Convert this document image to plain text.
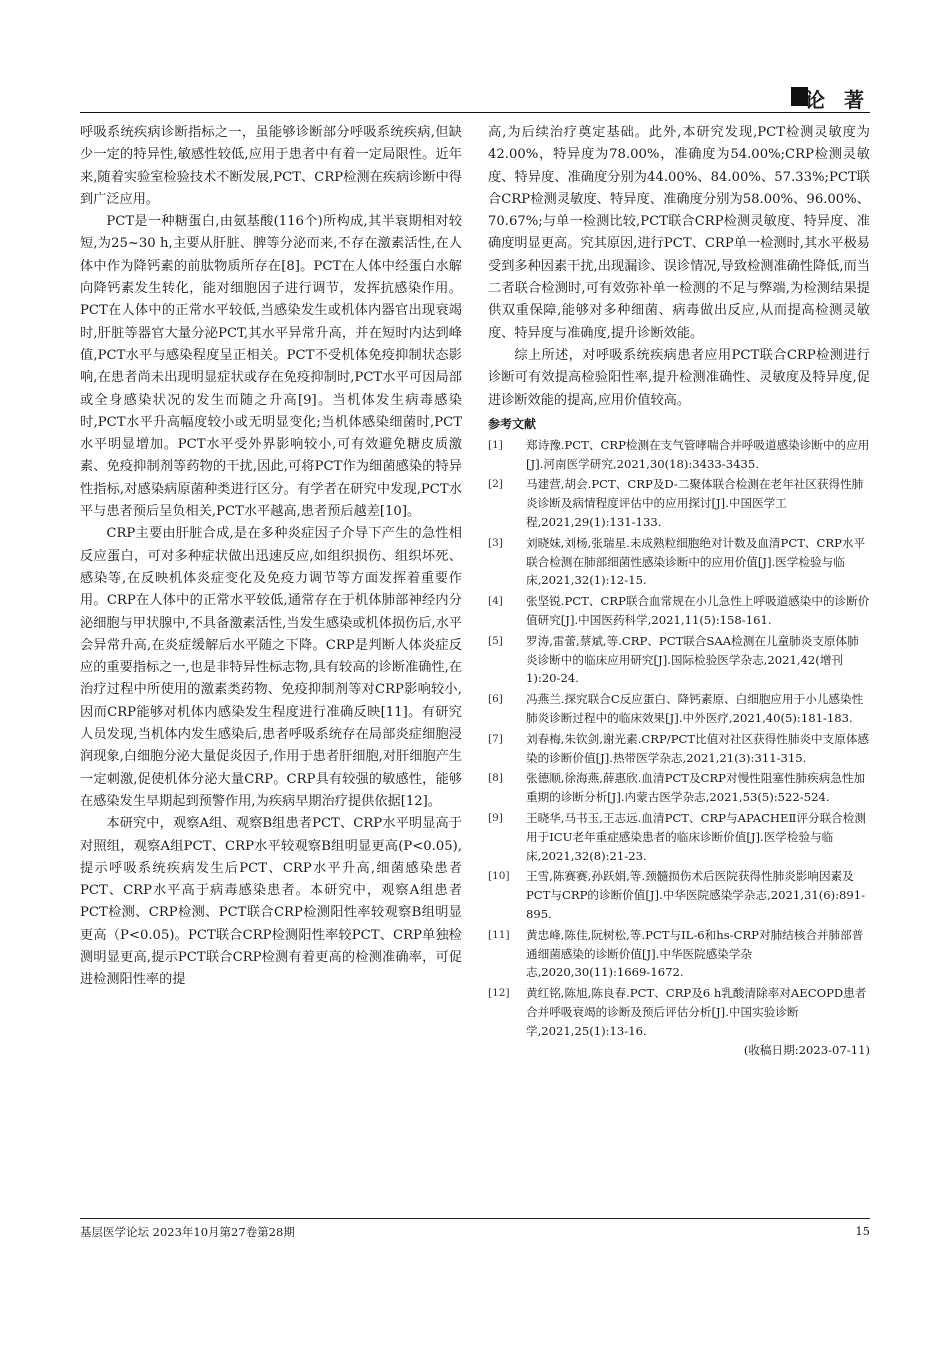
论 著

呼吸系统疾病诊断指标之一，虽能够诊断部分呼吸系统疾病,但缺少一定的特异性,敏感性较低,应用于患者中有着一定局限性。近年来,随着实验室检验技术不断发展,PCT、CRP检测在疾病诊断中得到广泛应用。

PCT是一种糖蛋白,由氨基酸(116个)所构成,其半衰期相对较短,为25~30 h,主要从肝脏、脾等分泌而来,不存在激素活性,在人体中作为降钙素的前肽物质所存在[8]。PCT在人体中经蛋白水解向降钙素发生转化，能对细胞因子进行调节，发挥抗感染作用。PCT在人体中的正常水平较低,当感染发生或机体内器官出现衰竭时,肝脏等器官大量分泌PCT,其水平异常升高，并在短时内达到峰值,PCT水平与感染程度呈正相关。PCT不受机体免疫抑制状态影响,在患者尚未出现明显症状或存在免疫抑制时,PCT水平可因局部或全身感染状况的发生而随之升高[9]。当机体发生病毒感染时,PCT水平升高幅度较小或无明显变化;当机体感染细菌时,PCT水平明显增加。PCT水平受外界影响较小,可有效避免糖皮质激素、免疫抑制剂等药物的干扰,因此,可将PCT作为细菌感染的特异性指标,对感染病原菌种类进行区分。有学者在研究中发现,PCT水平与患者预后呈负相关,PCT水平越高,患者预后越差[10]。

CRP主要由肝脏合成,是在多种炎症因子介导下产生的急性相反应蛋白，可对多种症状做出迅速反应,如组织损伤、组织坏死、感染等,在反映机体炎症变化及免疫力调节等方面发挥着重要作用。CRP在人体中的正常水平较低,通常存在于机体肺部神经内分泌细胞与甲状腺中,不具备激素活性,当发生感染或机体损伤后,水平会异常升高,在炎症缓解后水平随之下降。CRP是判断人体炎症反应的重要指标之一,也是非特异性标志物,具有较高的诊断准确性,在治疗过程中所使用的激素类药物、免疫抑制剂等对CRP影响较小,因而CRP能够对机体内感染发生程度进行准确反映[11]。有研究人员发现,当机体内发生感染后,患者呼吸系统存在局部炎症细胞浸润现象,白细胞分泌大量促炎因子,作用于患者肝细胞,对肝细胞产生一定刺激,促使机体分泌大量CRP。CRP具有较强的敏感性，能够在感染发生早期起到预警作用,为疾病早期治疗提供依据[12]。

本研究中，观察A组、观察B组患者PCT、CRP水平明显高于对照组，观察A组PCT、CRP水平较观察B组明显更高(P<0.05),提示呼吸系统疾病发生后PCT、CRP水平升高,细菌感染患者PCT、CRP水平高于病毒感染患者。本研究中，观察A组患者PCT检测、CRP检测、PCT联合CRP检测阳性率较观察B组明显更高（P<0.05)。PCT联合CRP检测阳性率较PCT、CRP单独检测明显更高,提示PCT联合CRP检测有着更高的检测准确率，可促进检测阳性率的提

高,为后续治疗奠定基础。此外,本研究发现,PCT检测灵敏度为42.00%，特异度为78.00%，准确度为54.00%;CRP检测灵敏度、特异度、准确度分别为44.00%、84.00%、57.33%;PCT联合CRP检测灵敏度、特异度、准确度分别为58.00%、96.00%、70.67%;与单一检测比较,PCT联合CRP检测灵敏度、特异度、准确度明显更高。究其原因,进行PCT、CRP单一检测时,其水平极易受到多种因素干扰,出现漏诊、误诊情况,导致检测准确性降低,而当二者联合检测时,可有效弥补单一检测的不足与弊端,为检测结果提供双重保障,能够对多种细菌、病毒做出反应,从而提高检测灵敏度、特异度与准确度,提升诊断效能。

综上所述，对呼吸系统疾病患者应用PCT联合CRP检测进行诊断可有效提高检验阳性率,提升检测准确性、灵敏度及特异度,促进诊断效能的提高,应用价值较高。

参考文献

[1] 郑诗豫.PCT、CRP检测在支气管哮喘合并呼吸道感染诊断中的应用[J].河南医学研究,2021,30(18):3433-3435.
[2] 马建营,胡会.PCT、CRP及D-二聚体联合检测在老年社区获得性肺炎诊断及病情程度评估中的应用探讨[J].中国医学工程,2021,29(1):131-133.
[3] 刘晓妹,刘杨,张瑞星.未成熟粒细胞绝对计数及血清PCT、CRP水平联合检测在肺部细菌性感染诊断中的应用价值[J].医学检验与临床,2021,32(1):12-15.
[4] 张坚锐.PCT、CRP联合血常规在小儿急性上呼吸道感染中的诊断价值研究[J].中国医药科学,2021,11(5):158-161.
[5] 罗涛,雷蕾,蔡斌,等.CRP、PCT联合SAA检测在儿童肺炎支原体肺炎诊断中的临床应用研究[J].国际检验医学杂志,2021,42(增刊1):20-24.
[6] 冯燕兰.探究联合C反应蛋白、降钙素原、白细胞应用于小儿感染性肺炎诊断过程中的临床效果[J].中外医疗,2021,40(5):181-183.
[7] 刘春梅,朱钦剑,谢光素.CRP/PCT比值对社区获得性肺炎中支原体感染的诊断价值[J].热带医学杂志,2021,21(3):311-315.
[8] 张德顺,徐海燕,薛惠欣.血清PCT及CRP对慢性阻塞性肺疾病急性加重期的诊断分析[J].内蒙古医学杂志,2021,53(5):522-524.
[9] 王晓华,马书玉,王志远.血清PCT、CRP与APACHEⅡ评分联合检测用于ICU老年重症感染患者的临床诊断价值[J].医学检验与临床,2021,32(8):21-23.
[10] 王雪,陈赛赛,孙跃娟,等.颈髓损伤术后医院获得性肺炎影响因素及PCT与CRP的诊断价值[J].中华医院感染学杂志,2021,31(6):891-895.
[11] 黄忠峰,陈佳,阮树松,等.PCT与IL-6和hs-CRP对肺结核合并肺部普通细菌感染的诊断价值[J].中华医院感染学杂志,2020,30(11):1669-1672.
[12] 黄红铭,陈旭,陈良春.PCT、CRP及6 h乳酸清除率对AECOPD患者合并呼吸衰竭的诊断及预后评估分析[J].中国实验诊断学,2021,25(1):13-16.

(收稿日期:2023-07-11)

基层医学论坛 2023年10月第27卷第28期	15
